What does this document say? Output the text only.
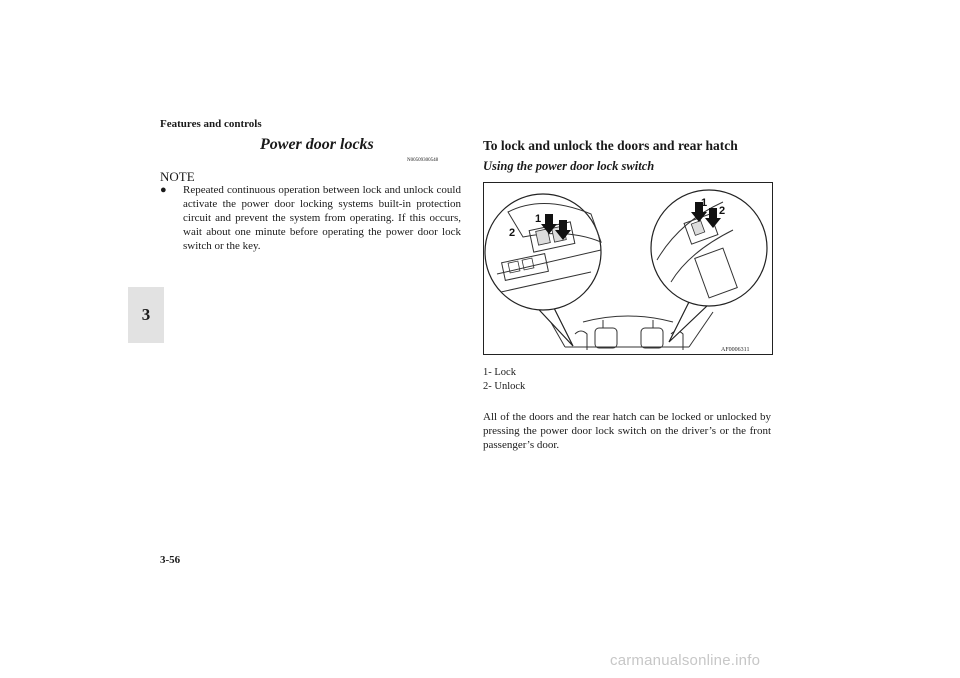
Features and controls
3
Power door locks
N00509300548
NOTE
● Repeated continuous operation between lock and unlock could activate the power door locking systems built-in protection circuit and prevent the system from operating. If this occurs, wait about one minute before operating the power door lock switch or the key.
To lock and unlock the doors and rear hatch
Using the power door lock switch
1
2
1
2
AF0006311
1- Lock
2- Unlock
All of the doors and the rear hatch can be locked or unlocked by pressing the power door lock switch on the driver’s or the front passenger’s door.
3-56
carmanualsonline.info
